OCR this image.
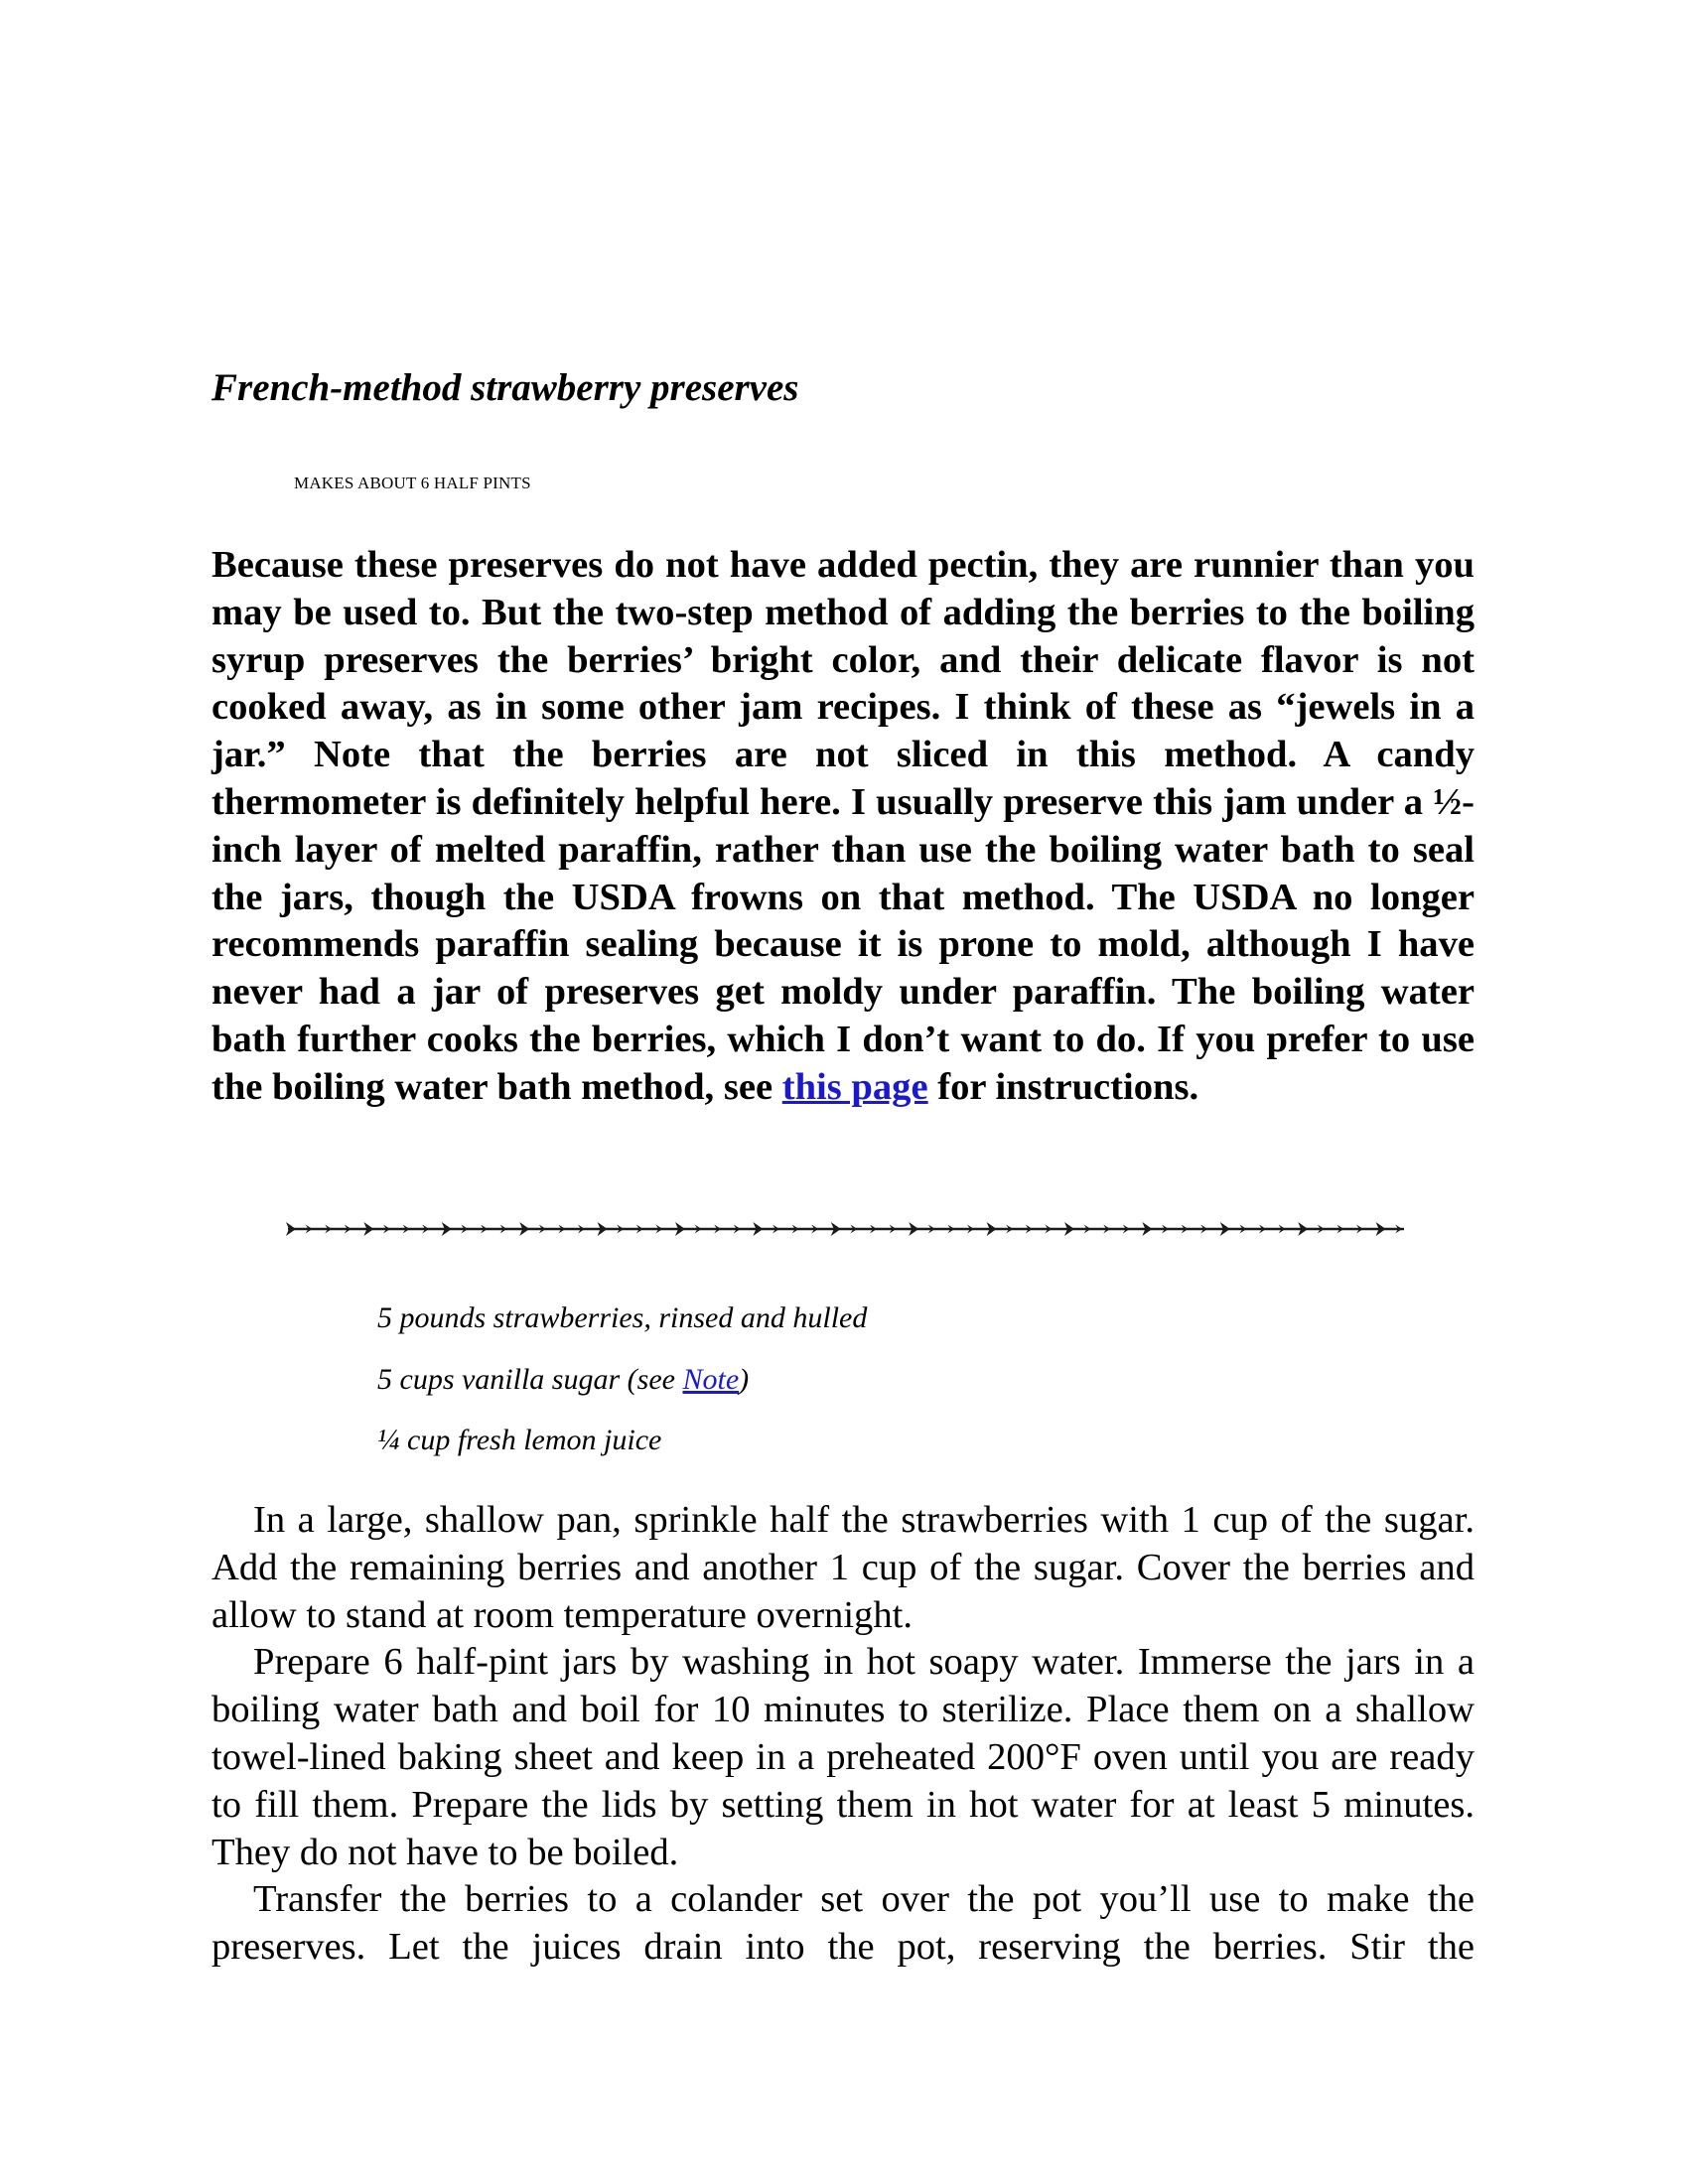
French-method strawberry preserves

MAKES ABOUT 6 HALF PINTS

Because these preserves do not have added pectin, they are runnier than you may be used to. But the two-step method of adding the berries to the boiling syrup preserves the berries’ bright color, and their delicate flavor is not cooked away, as in some other jam recipes. I think of these as “jewels in a jar.” Note that the berries are not sliced in this method. A candy thermometer is definitely helpful here. I usually preserve this jam under a ½-inch layer of melted paraffin, rather than use the boiling water bath to seal the jars, though the USDA frowns on that method. The USDA no longer recommends paraffin sealing because it is prone to mold, although I have never had a jar of preserves get moldy under paraffin. The boiling water bath further cooks the berries, which I don’t want to do. If you prefer to use the boiling water bath method, see this page for instructions.

5 pounds strawberries, rinsed and hulled

5 cups vanilla sugar (see Note)

¼ cup fresh lemon juice

In a large, shallow pan, sprinkle half the strawberries with 1 cup of the sugar. Add the remaining berries and another 1 cup of the sugar. Cover the berries and allow to stand at room temperature overnight.

Prepare 6 half-pint jars by washing in hot soapy water. Immerse the jars in a boiling water bath and boil for 10 minutes to sterilize. Place them on a shallow towel-lined baking sheet and keep in a preheated 200°F oven until you are ready to fill them. Prepare the lids by setting them in hot water for at least 5 minutes. They do not have to be boiled.

Transfer the berries to a colander set over the pot you’ll use to make the preserves. Let the juices drain into the pot, reserving the berries. Stir the
